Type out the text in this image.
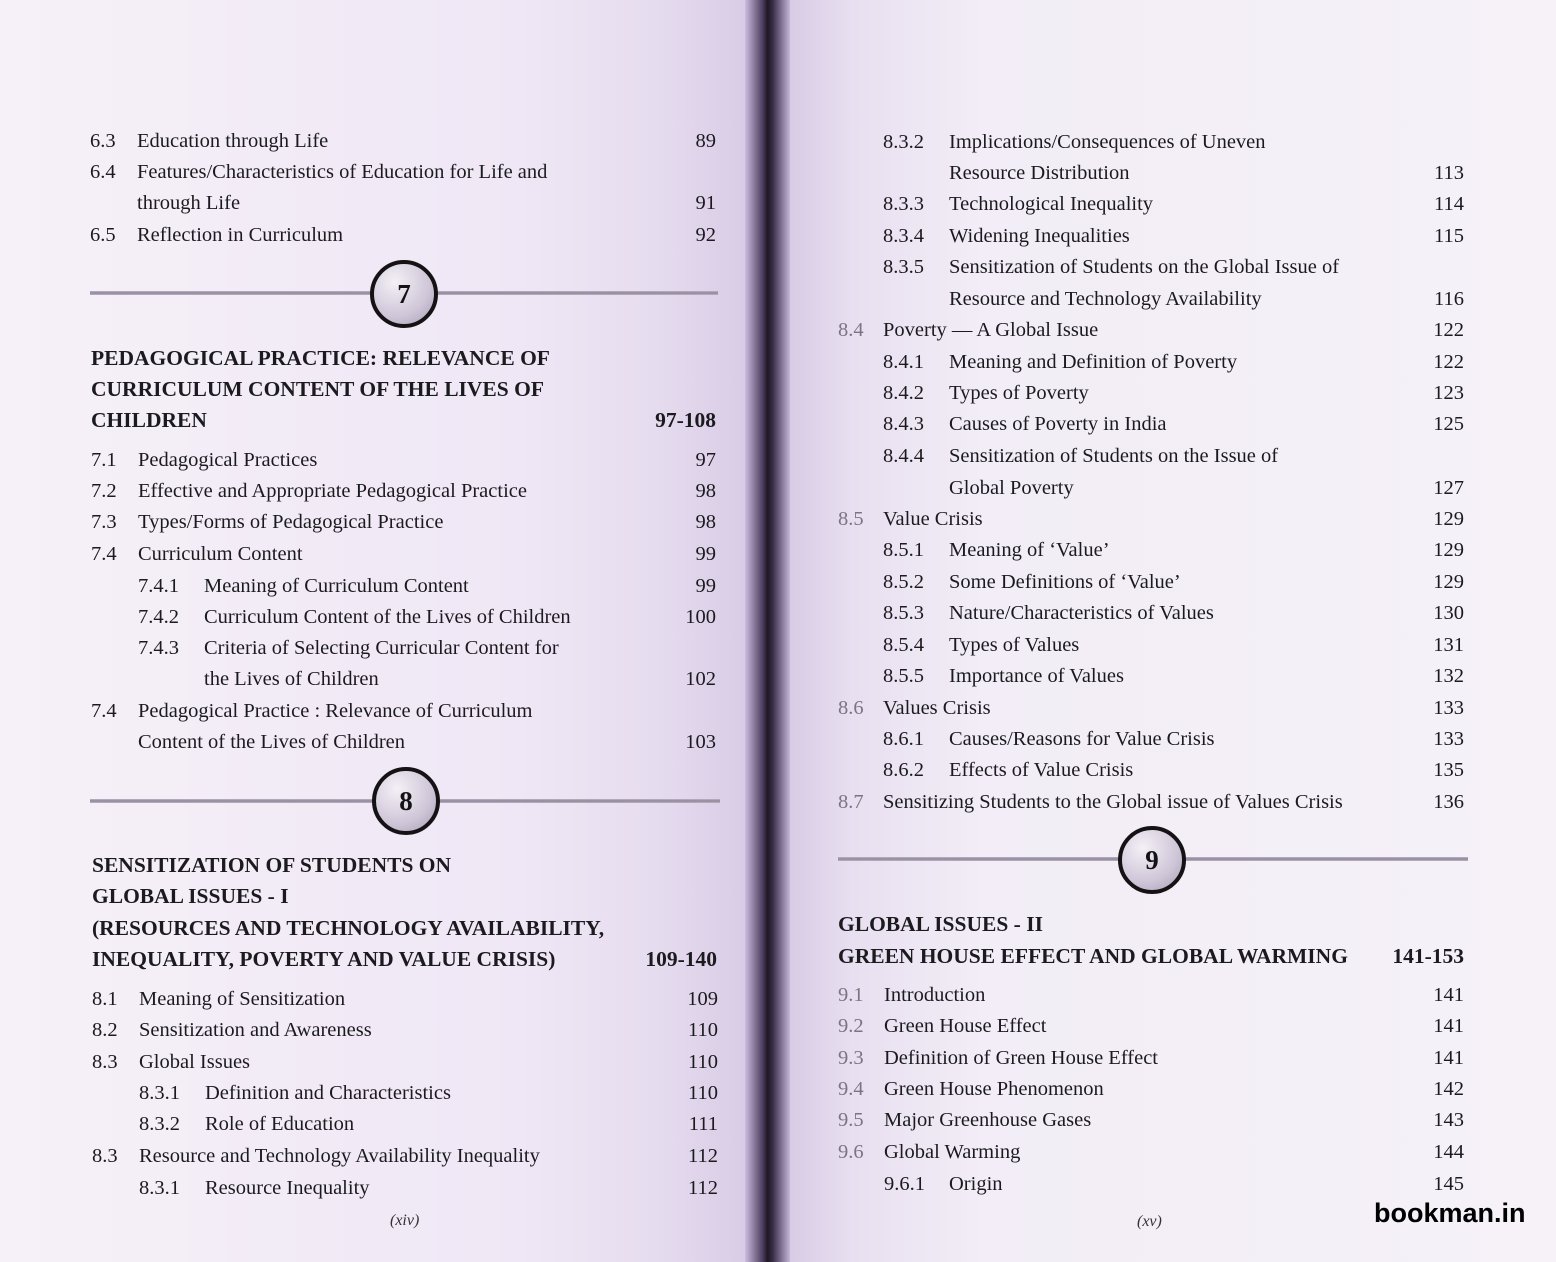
6.3 Education through Life	89
6.4 Features/Characteristics of Education for Life and
through Life	91
6.5 Reflection in Curriculum	92
7
PEDAGOGICAL PRACTICE: RELEVANCE OF
CURRICULUM CONTENT OF THE LIVES OF
CHILDREN	97-108
7.1 Pedagogical Practices	97
7.2 Effective and Appropriate Pedagogical Practice	98
7.3 Types/Forms of Pedagogical Practice	98
7.4 Curriculum Content	99
7.4.1 Meaning of Curriculum Content	99
7.4.2 Curriculum Content of the Lives of Children	100
7.4.3 Criteria of Selecting Curricular Content for
the Lives of Children	102
7.4 Pedagogical Practice : Relevance of Curriculum
Content of the Lives of Children	103
8
SENSITIZATION OF STUDENTS ON
GLOBAL ISSUES - I
(RESOURCES AND TECHNOLOGY AVAILABILITY,
INEQUALITY, POVERTY AND VALUE CRISIS)	109-140
8.1 Meaning of Sensitization	109
8.2 Sensitization and Awareness	110
8.3 Global Issues	110
8.3.1 Definition and Characteristics	110
8.3.2 Role of Education	111
8.3 Resource and Technology Availability Inequality	112
8.3.1 Resource Inequality	112
(xiv)
8.3.2 Implications/Consequences of Uneven
Resource Distribution	113
8.3.3 Technological Inequality	114
8.3.4 Widening Inequalities	115
8.3.5 Sensitization of Students on the Global Issue of
Resource and Technology Availability	116
8.4 Poverty — A Global Issue	122
8.4.1 Meaning and Definition of Poverty	122
8.4.2 Types of Poverty	123
8.4.3 Causes of Poverty in India	125
8.4.4 Sensitization of Students on the Issue of
Global Poverty	127
8.5 Value Crisis	129
8.5.1 Meaning of ‘Value’	129
8.5.2 Some Definitions of ‘Value’	129
8.5.3 Nature/Characteristics of Values	130
8.5.4 Types of Values	131
8.5.5 Importance of Values	132
8.6 Values Crisis	133
8.6.1 Causes/Reasons for Value Crisis	133
8.6.2 Effects of Value Crisis	135
8.7 Sensitizing Students to the Global issue of Values Crisis	136
9
GLOBAL ISSUES - II
GREEN HOUSE EFFECT AND GLOBAL WARMING	141-153
9.1 Introduction	141
9.2 Green House Effect	141
9.3 Definition of Green House Effect	141
9.4 Green House Phenomenon	142
9.5 Major Greenhouse Gases	143
9.6 Global Warming	144
9.6.1 Origin	145
(xv)	bookman.in
